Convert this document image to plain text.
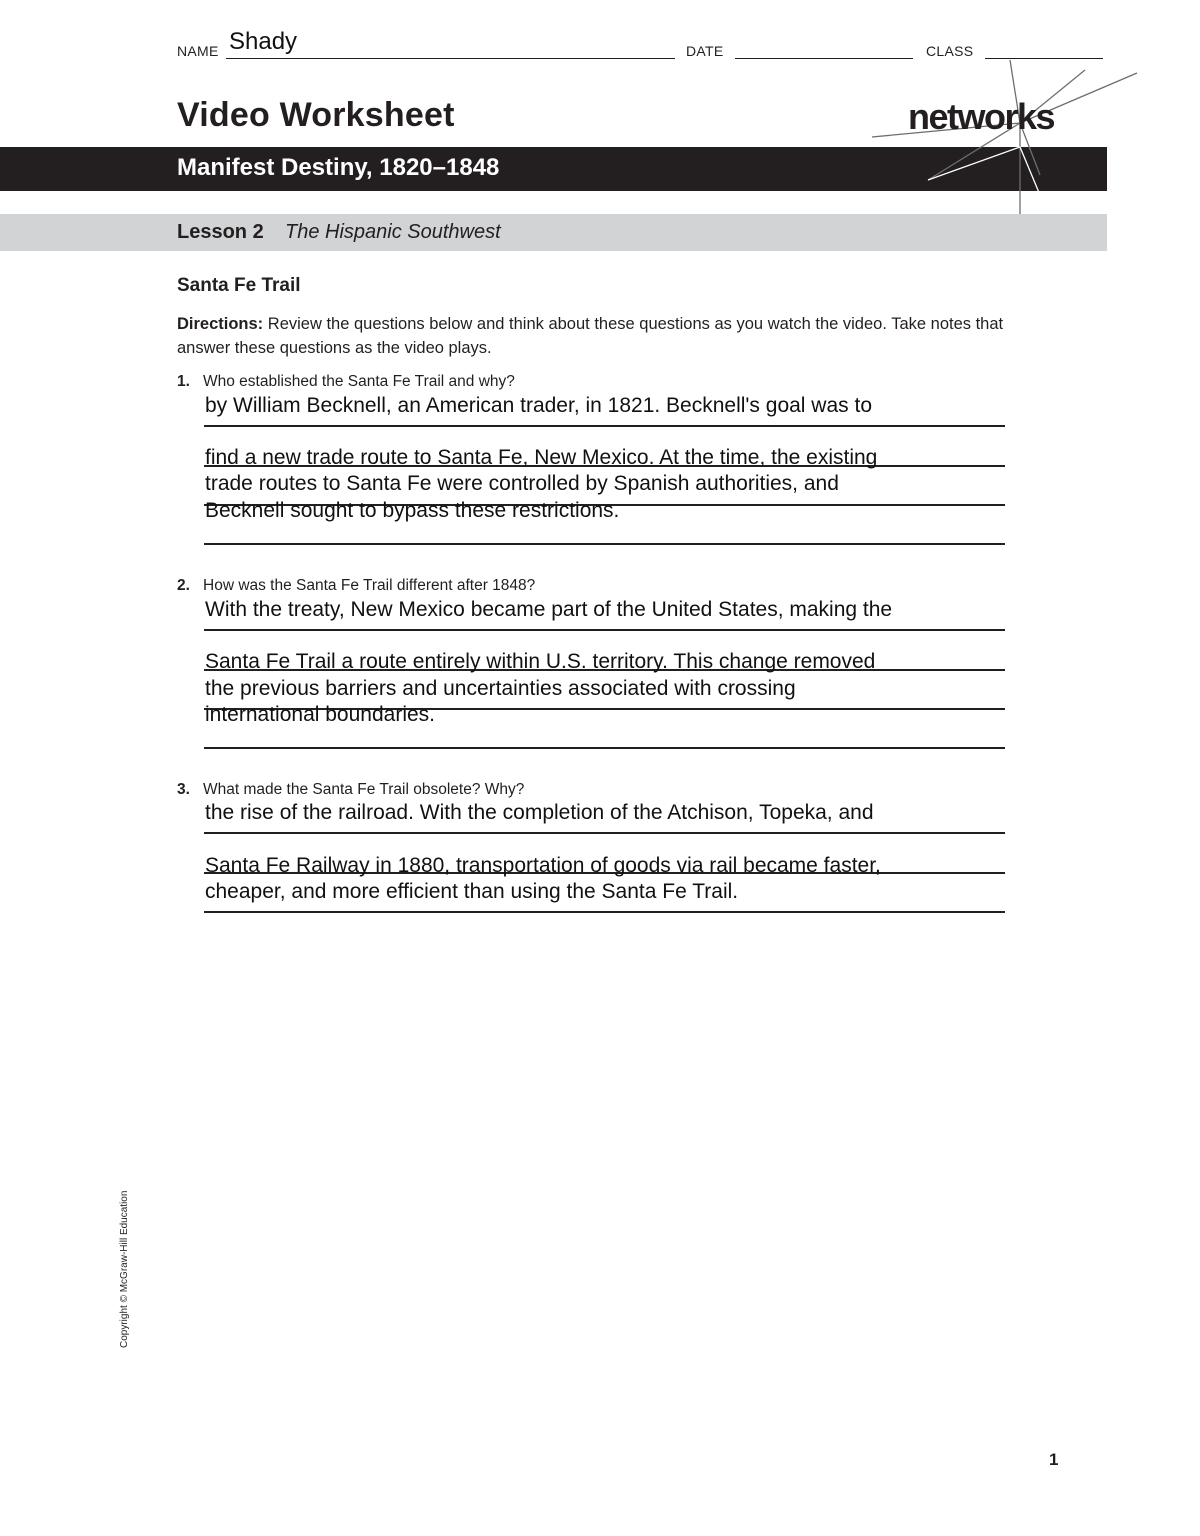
NAME Shady	DATE	CLASS
Video Worksheet
Manifest Destiny, 1820–1848
networks
Lesson 2 The Hispanic Southwest
Santa Fe Trail
Directions: Review the questions below and think about these questions as you watch the video. Take notes that answer these questions as the video plays.
1. Who established the Santa Fe Trail and why?
by William Becknell, an American trader, in 1821. Becknell's goal was to
find a new trade route to Santa Fe, New Mexico. At the time, the existing
trade routes to Santa Fe were controlled by Spanish authorities, and
Becknell sought to bypass these restrictions.
2. How was the Santa Fe Trail different after 1848?
With the treaty, New Mexico became part of the United States, making the
Santa Fe Trail a route entirely within U.S. territory. This change removed
the previous barriers and uncertainties associated with crossing
international boundaries.
3. What made the Santa Fe Trail obsolete? Why?
the rise of the railroad. With the completion of the Atchison, Topeka, and
Santa Fe Railway in 1880, transportation of goods via rail became faster,
cheaper, and more efficient than using the Santa Fe Trail.
Copyright © McGraw-Hill Education
1
